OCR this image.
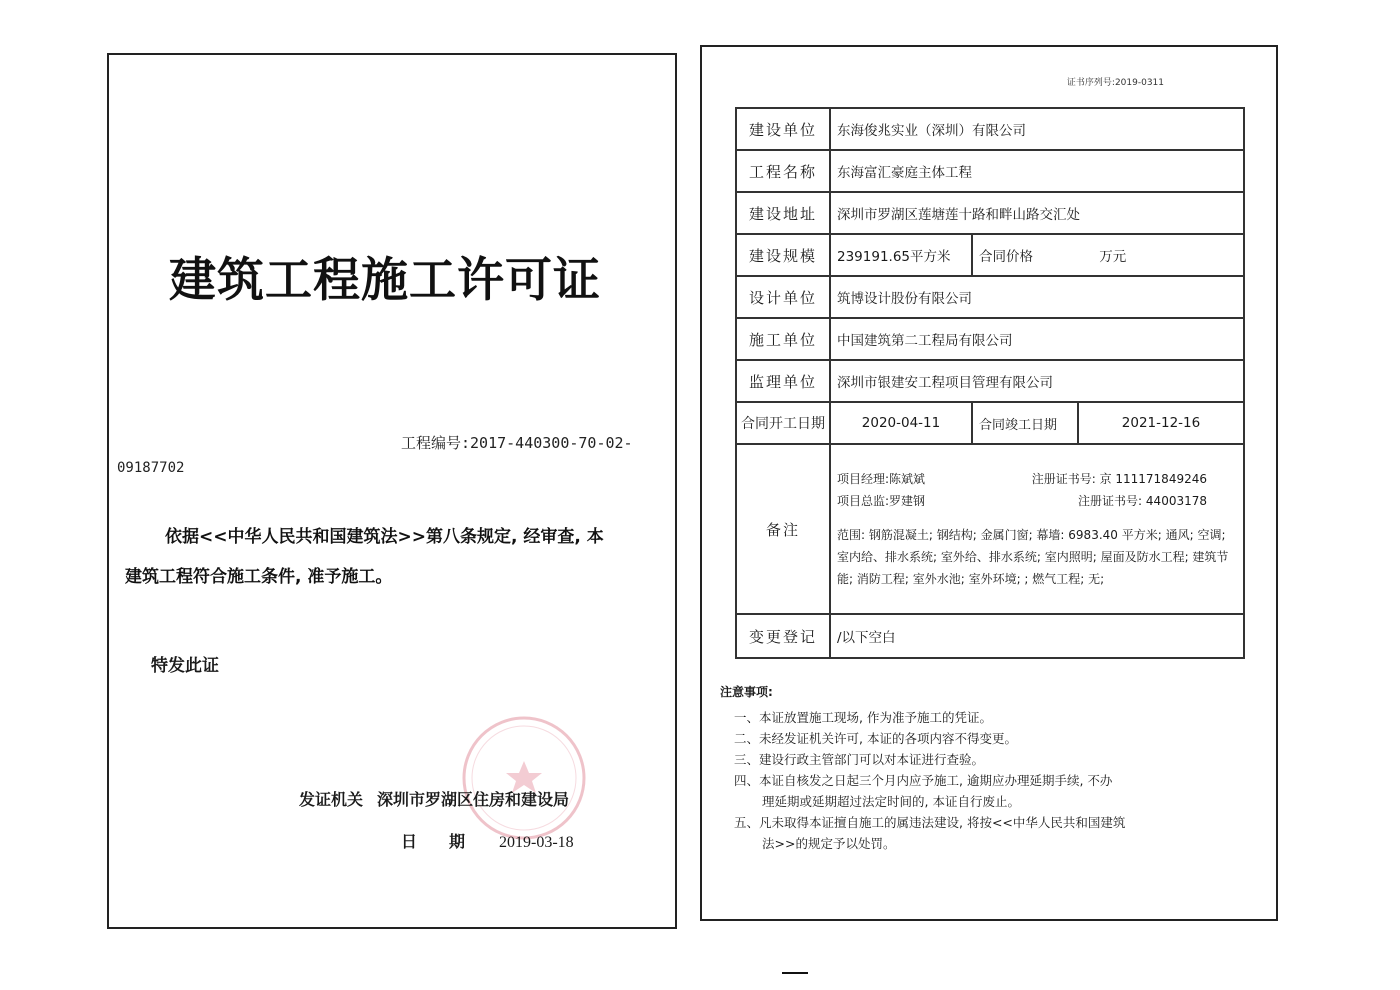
建筑工程施工许可证
工程编号:2017-440300-70-02-
09187702
依据<<中华人民共和国建筑法>>第八条规定, 经审查, 本
建筑工程符合施工条件, 准予施工。
特发此证
发证机关 深圳市罗湖区住房和建设局
日期 2019-03-18
证书序列号:2019-0311
建设单位	东海俊兆实业（深圳）有限公司		
工程名称	东海富汇豪庭主体工程		
建设地址	深圳市罗湖区莲塘莲十路和畔山路交汇处		
建设规模	239191.65平方米	合同价格 万元	
设计单位	筑博设计股份有限公司		
施工单位	中国建筑第二工程局有限公司		
监理单位	深圳市银建安工程项目管理有限公司		
合同开工日期	2020-04-11	合同竣工日期	2021-12-16
备注	项目经理:陈斌斌 注册证书号: 京 111171849246
项目总监:罗建钢 注册证书号: 44003178
范围: 钢筋混凝土; 钢结构; 金属门窗; 幕墙: 6983.40 平方米; 通风; 空调; 室内给、排水系统; 室外给、排水系统; 室内照明; 屋面及防水工程; 建筑节能; 消防工程; 室外水池; 室外环境; ; 燃气工程; 无;		

变更登记	/以下空白		
注意事项:
一、本证放置施工现场, 作为准予施工的凭证。
二、未经发证机关许可, 本证的各项内容不得变更。
三、建设行政主管部门可以对本证进行查验。
四、本证自核发之日起三个月内应予施工, 逾期应办理延期手续, 不办
理延期或延期超过法定时间的, 本证自行废止。
五、凡未取得本证擅自施工的属违法建设, 将按<<中华人民共和国建筑
法>>的规定予以处罚。
